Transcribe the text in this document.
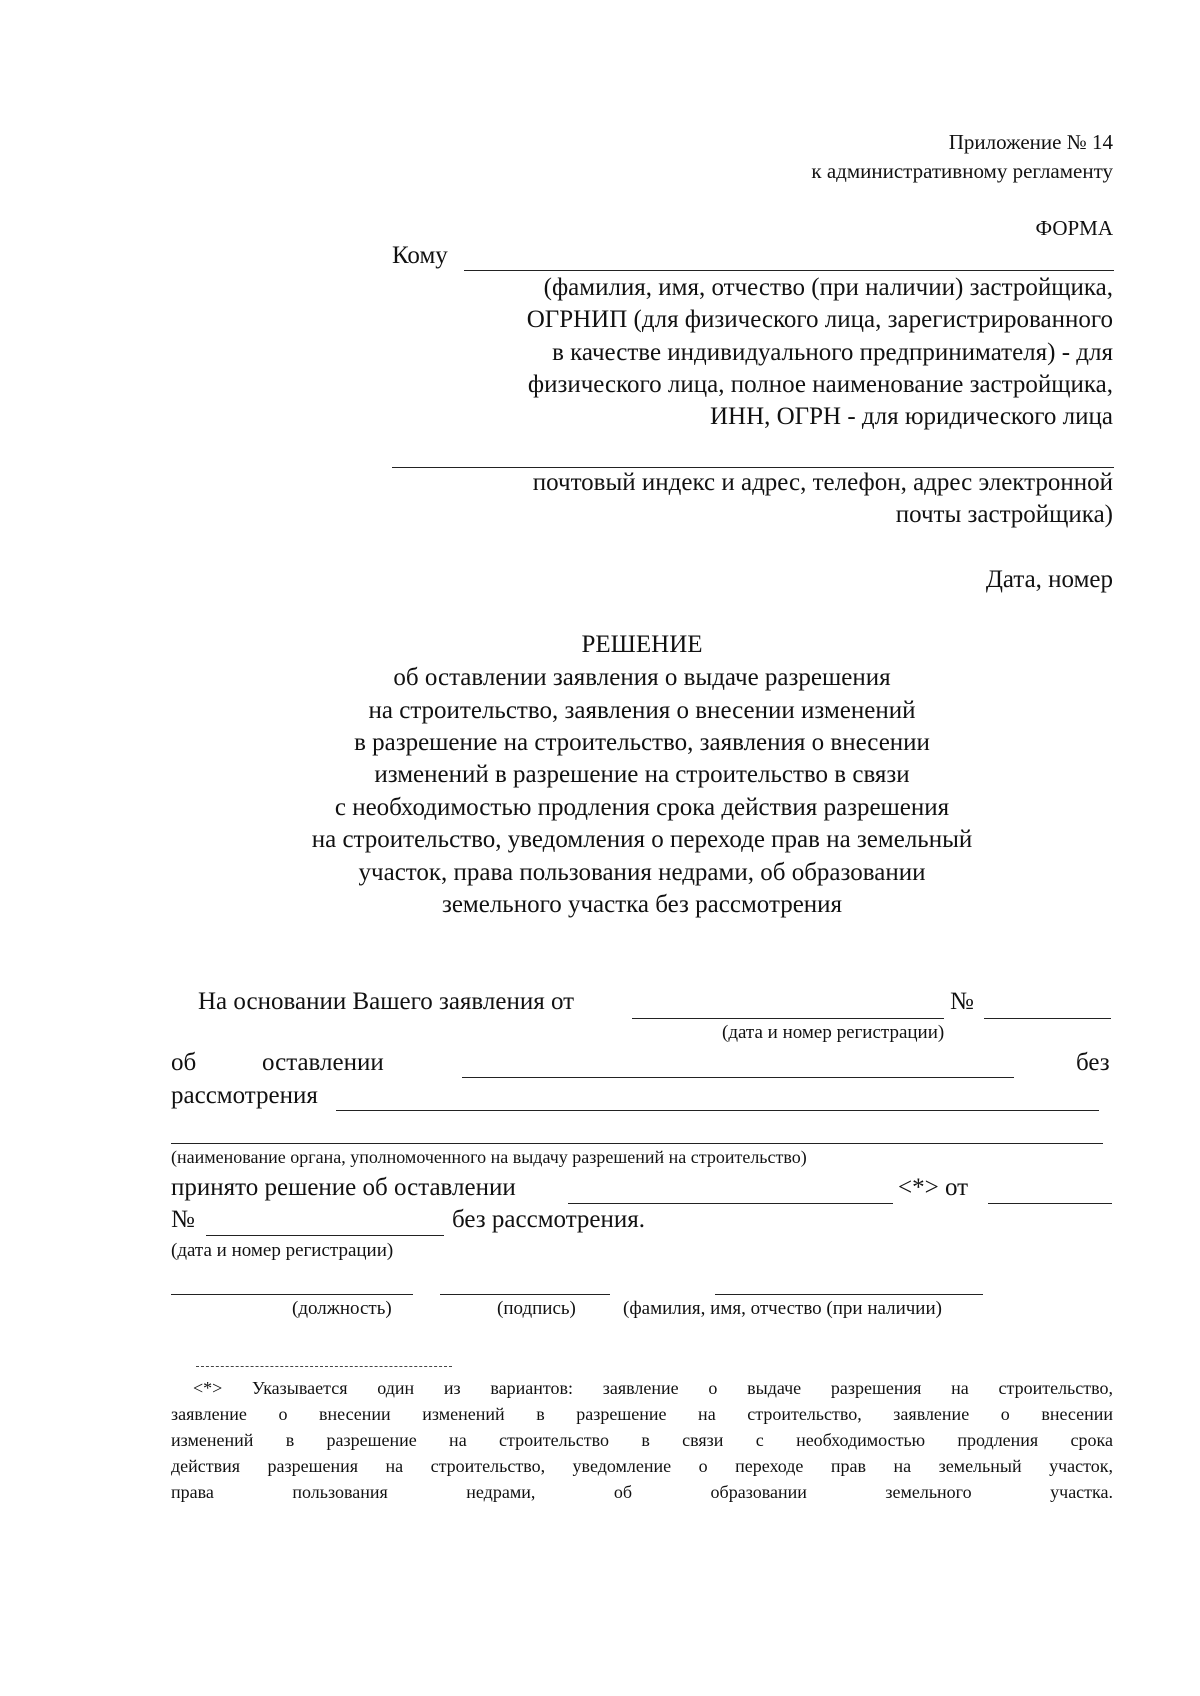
Приложение № 14
к административному регламенту
ФОРМА
Кому
(фамилия, имя, отчество (при наличии) застройщика,
ОГРНИП (для физического лица, зарегистрированного
в качестве индивидуального предпринимателя) - для
физического лица, полное наименование застройщика,
ИНН, ОГРН - для юридического лица
почтовый индекс и адрес, телефон, адрес электронной
почты застройщика)
Дата, номер
РЕШЕНИЕ
об оставлении заявления о выдаче разрешения
на строительство, заявления о внесении изменений
в разрешение на строительство, заявления о внесении
изменений в разрешение на строительство в связи
с необходимостью продления срока действия разрешения
на строительство, уведомления о переходе прав на земельный
участок, права пользования недрами, об образовании
земельного участка без рассмотрения
На основании Вашего заявления от	№
(дата и номер регистрации)
об	оставлении	без
рассмотрения
(наименование органа, уполномоченного на выдачу разрешений на строительство)
принято решение об оставлении	<*> от
№	без рассмотрения.
(дата и номер регистрации)
(должность)	(подпись) (фамилия, имя, отчество (при наличии)
<*> Указывается один из вариантов: заявление о выдаче разрешения на строительство,
заявление о внесении изменений в разрешение на строительство, заявление о внесении
изменений в разрешение на строительство в связи с необходимостью продления срока
действия разрешения на строительство, уведомление о переходе прав на земельный участок,
права пользования недрами, об образовании земельного участка.
